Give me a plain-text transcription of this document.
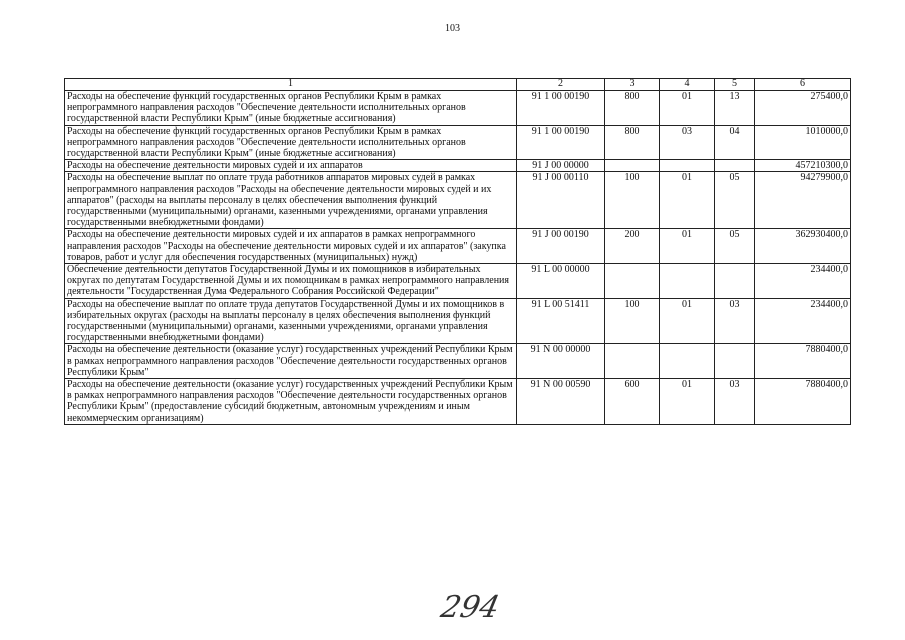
103
1	2	3	4	5	6
Расходы на обеспечение функций государственных органов Республики Крым в рамках непрограммного направления расходов "Обеспечение деятельности исполнительных органов государственной власти Республики Крым" (иные бюджетные ассигнования)	91 1 00 00190	800	01	13	275400,0
Расходы на обеспечение функций государственных органов Республики Крым в рамках непрограммного направления расходов "Обеспечение деятельности исполнительных органов государственной власти Республики Крым" (иные бюджетные ассигнования)	91 1 00 00190	800	03	04	1010000,0
Расходы на обеспечение деятельности мировых судей и их аппаратов	91 J 00 00000				457210300,0
Расходы на обеспечение выплат по оплате труда работников аппаратов мировых судей в рамках непрограммного направления расходов "Расходы на обеспечение деятельности мировых судей и их аппаратов" (расходы на выплаты персоналу в целях обеспечения выполнения функций государственными (муниципальными) органами, казенными учреждениями, органами управления государственными внебюджетными фондами)	91 J 00 00110	100	01	05	94279900,0
Расходы на обеспечение деятельности мировых судей и их аппаратов в рамках непрограммного направления расходов "Расходы на обеспечение деятельности мировых судей и их аппаратов" (закупка товаров, работ и услуг для обеспечения государственных (муниципальных) нужд)	91 J 00 00190	200	01	05	362930400,0
Обеспечение деятельности депутатов Государственной Думы и их помощников в избирательных округах по депутатам Государственной Думы и их помощникам в рамках непрограммного направления деятельности "Государственная Дума Федерального Собрания Российской Федерации"	91 L 00 00000				234400,0
Расходы на обеспечение выплат по оплате труда депутатов Государственной Думы и их помощников в избирательных округах (расходы на выплаты персоналу в целях обеспечения выполнения функций государственными (муниципальными) органами, казенными учреждениями, органами управления государственными внебюджетными фондами)	91 L 00 51411	100	01	03	234400,0
Расходы на обеспечение деятельности (оказание услуг) государственных учреждений Республики Крым в рамках непрограммного направления расходов "Обеспечение деятельности государственных органов Республики Крым"	91 N 00 00000				7880400,0
Расходы на обеспечение деятельности (оказание услуг) государственных учреждений Республики Крым в рамках непрограммного направления расходов "Обеспечение деятельности государственных органов Республики Крым" (предоставление субсидий бюджетным, автономным учреждениям и иным некоммерческим организациям)	91 N 00 00590	600	01	03	7880400,0
294
